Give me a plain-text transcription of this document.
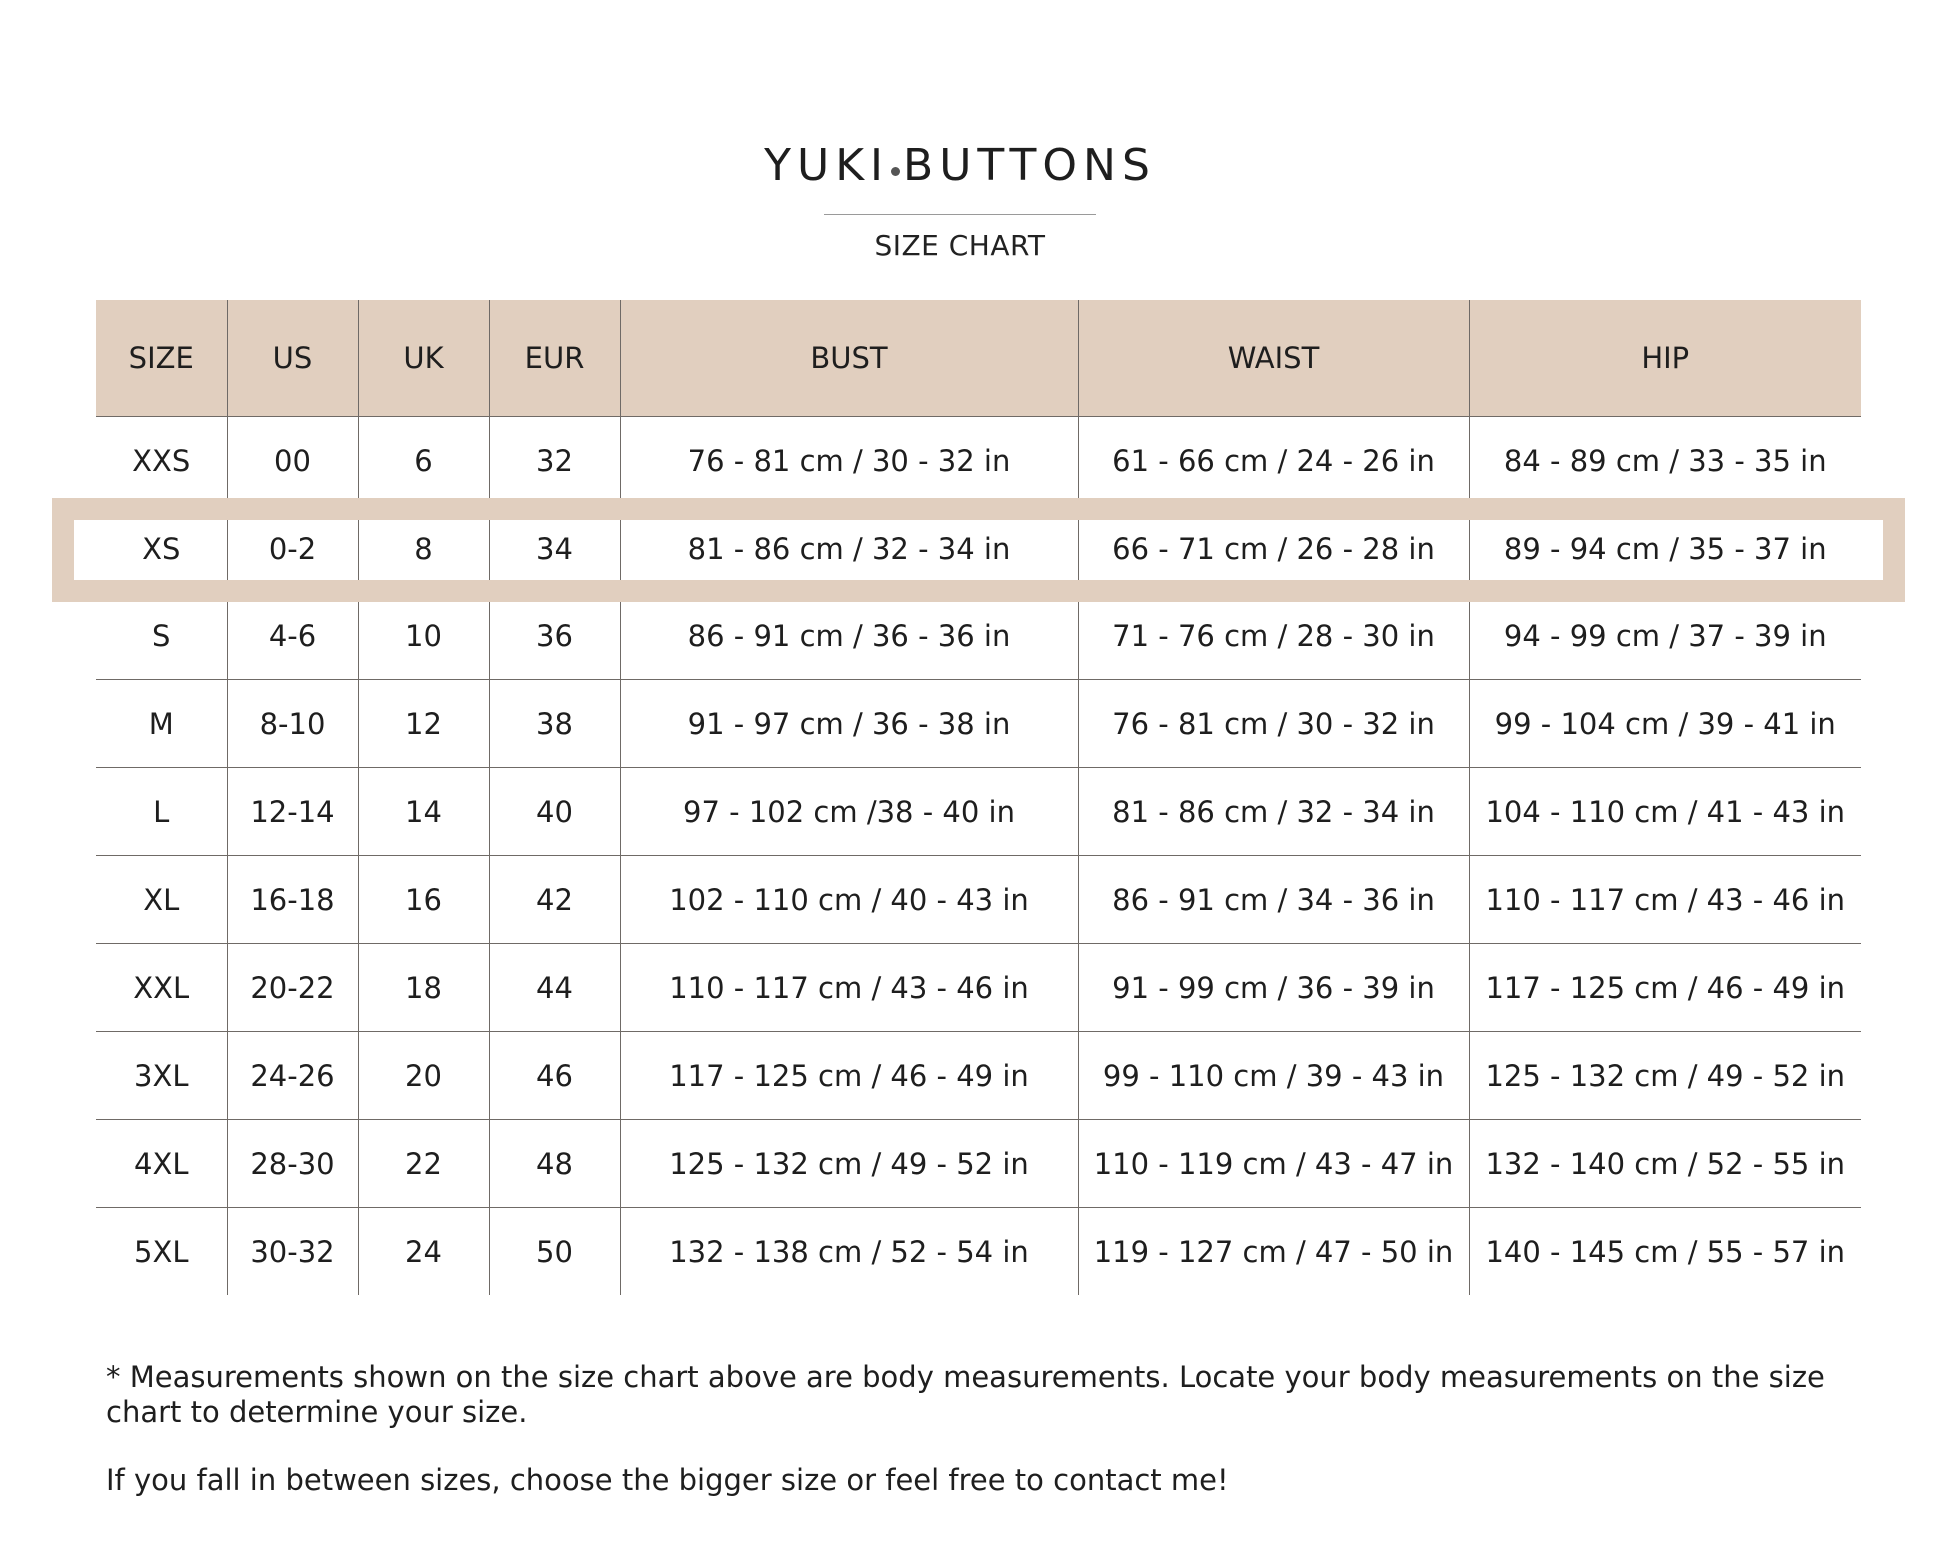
YUKI BUTTONS
SIZE CHART
SIZE	US	UK	EUR	BUST	WAIST	HIP
XXS	00	6	32	76 - 81 cm / 30 - 32 in	61 - 66 cm / 24 - 26 in	84 - 89 cm / 33 - 35 in
XS	0-2	8	34	81 - 86 cm / 32 - 34 in	66 - 71 cm / 26 - 28 in	89 - 94 cm / 35 - 37 in
S	4-6	10	36	86 - 91 cm / 36 - 36 in	71 - 76 cm / 28 - 30 in	94 - 99 cm / 37 - 39 in
M	8-10	12	38	91 - 97 cm / 36 - 38 in	76 - 81 cm / 30 - 32 in	99 - 104 cm / 39 - 41 in
L	12-14	14	40	97 - 102 cm /38 - 40 in	81 - 86 cm / 32 - 34 in	104 - 110 cm / 41 - 43 in
XL	16-18	16	42	102 - 110 cm / 40 - 43 in	86 - 91 cm / 34 - 36 in	110 - 117 cm / 43 - 46 in
XXL	20-22	18	44	110 - 117 cm / 43 - 46 in	91 - 99 cm / 36 - 39 in	117 - 125 cm / 46 - 49 in
3XL	24-26	20	46	117 - 125 cm / 46 - 49 in	99 - 110 cm / 39 - 43 in	125 - 132 cm / 49 - 52 in
4XL	28-30	22	48	125 - 132 cm / 49 - 52 in	110 - 119 cm / 43 - 47 in	132 - 140 cm / 52 - 55 in
5XL	30-32	24	50	132 - 138 cm / 52 - 54 in	119 - 127 cm / 47 - 50 in	140 - 145 cm / 55 - 57 in

* Measurements shown on the size chart above are body measurements. Locate your body measurements on the size chart to determine your size.

If you fall in between sizes, choose the bigger size or feel free to contact me!
